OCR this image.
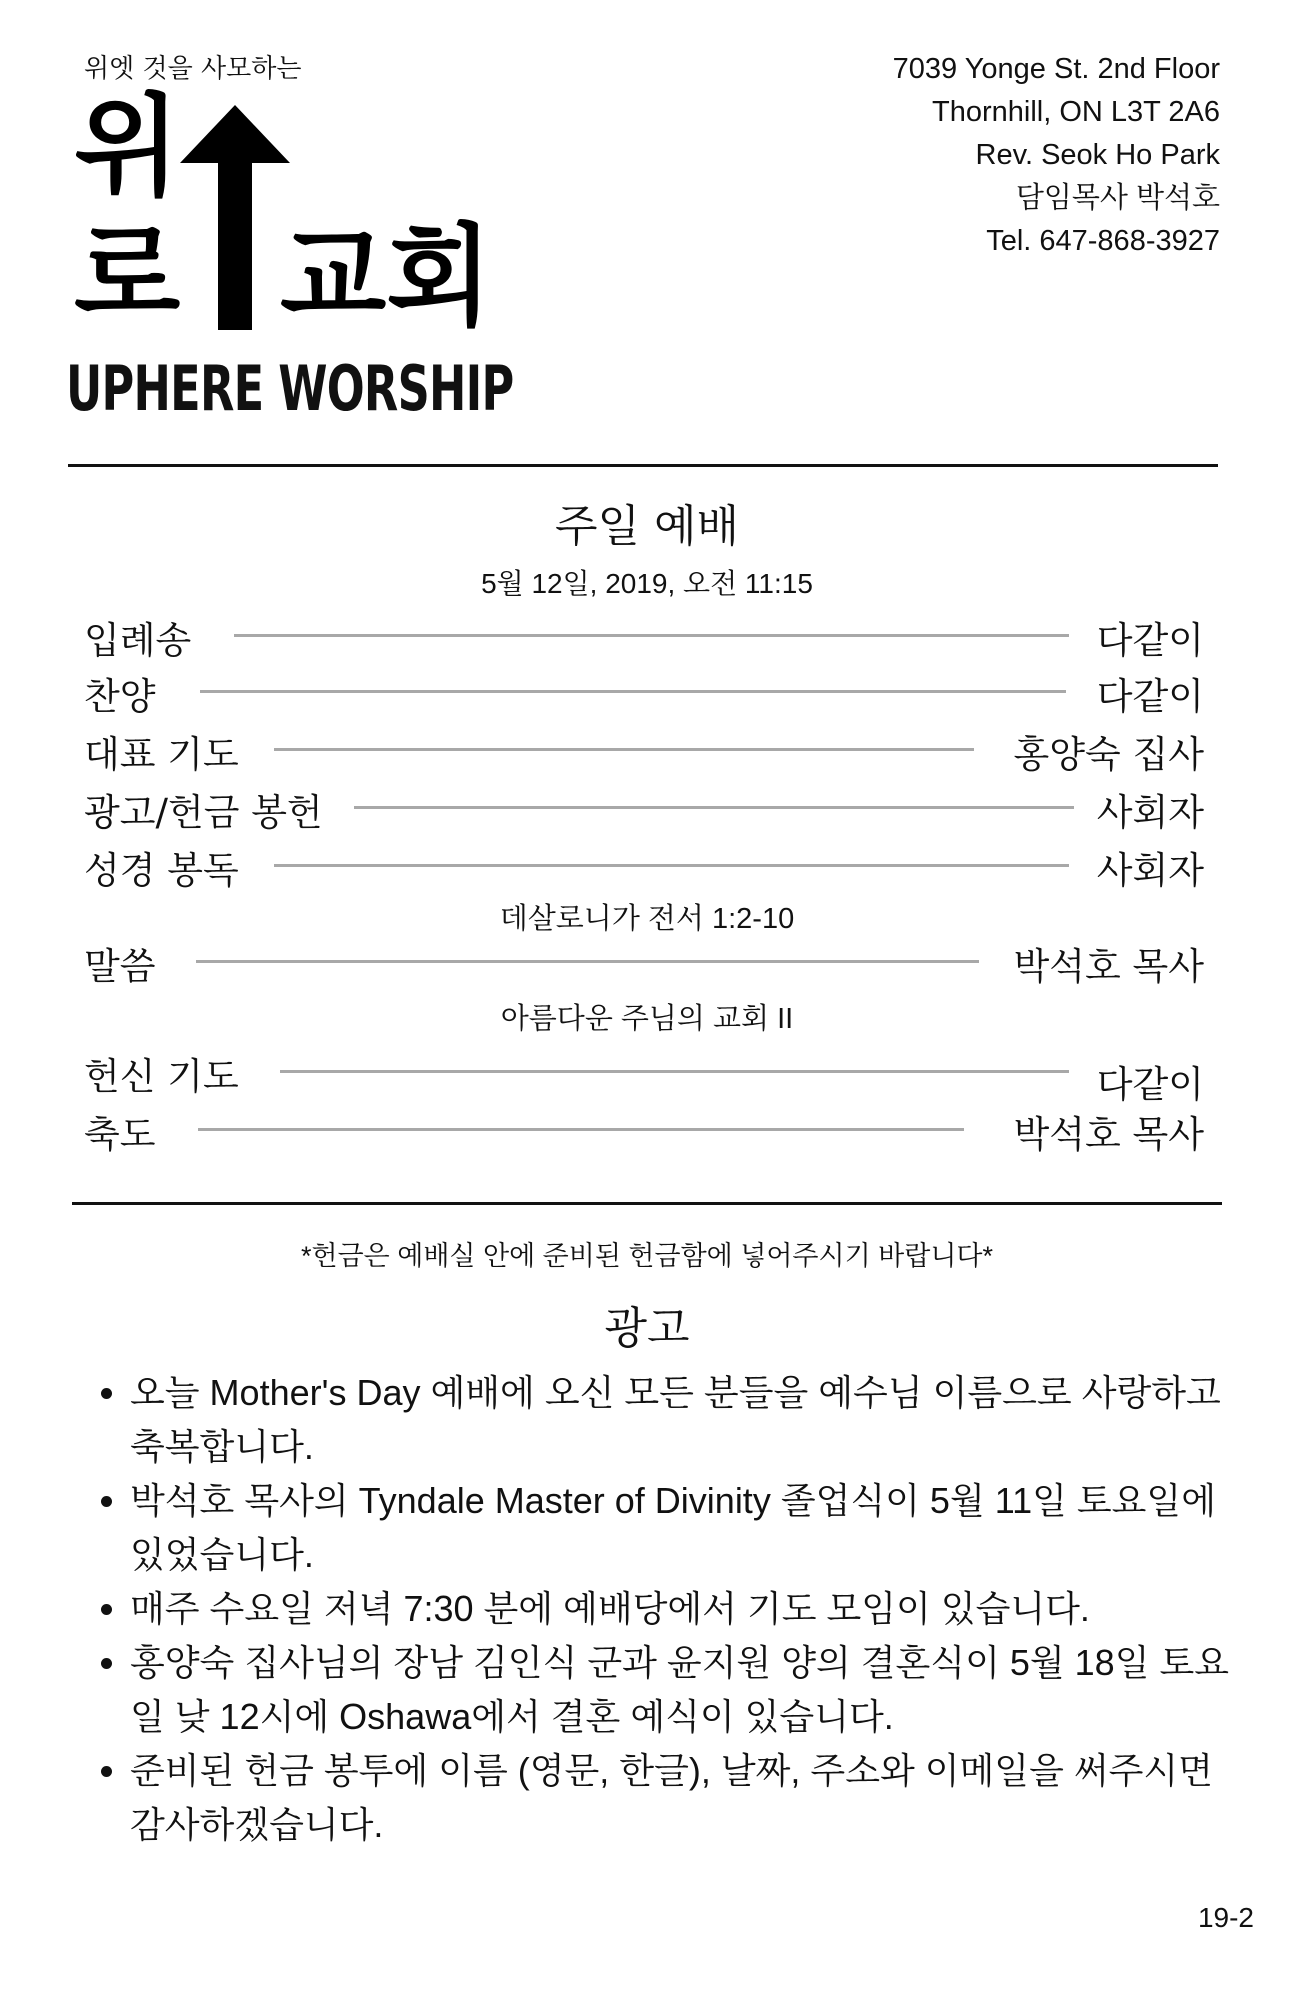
위엣 것을 사모하는
위
로 교회
UPHERE WORSHIP
7039 Yonge St. 2nd Floor
Thornhill, ON L3T 2A6
Rev. Seok Ho Park
담임목사 박석호
Tel. 647-868-3927
주일 예배
5월 12일, 2019, 오전 11:15
입례송	다같이
찬양	다같이
대표 기도	홍양숙 집사
광고/헌금 봉헌	사회자
성경 봉독	사회자
데살로니가 전서 1:2-10
말씀	박석호 목사
아름다운 주님의 교회 II
헌신 기도	다같이
축도	박석호 목사
*헌금은 예배실 안에 준비된 헌금함에 넣어주시기 바랍니다*
광고
• 오늘 Mother's Day 예배에 오신 모든 분들을 예수님 이름으로 사랑하고 축복합니다.
• 박석호 목사의 Tyndale Master of Divinity 졸업식이 5월 11일 토요일에 있었습니다.
• 매주 수요일 저녁 7:30 분에 예배당에서 기도 모임이 있습니다.
• 홍양숙 집사님의 장남 김인식 군과 윤지원 양의 결혼식이 5월 18일 토요일 낮 12시에 Oshawa에서 결혼 예식이 있습니다.
• 준비된 헌금 봉투에 이름 (영문, 한글), 날짜, 주소와 이메일을 써주시면 감사하겠습니다.
19-2
